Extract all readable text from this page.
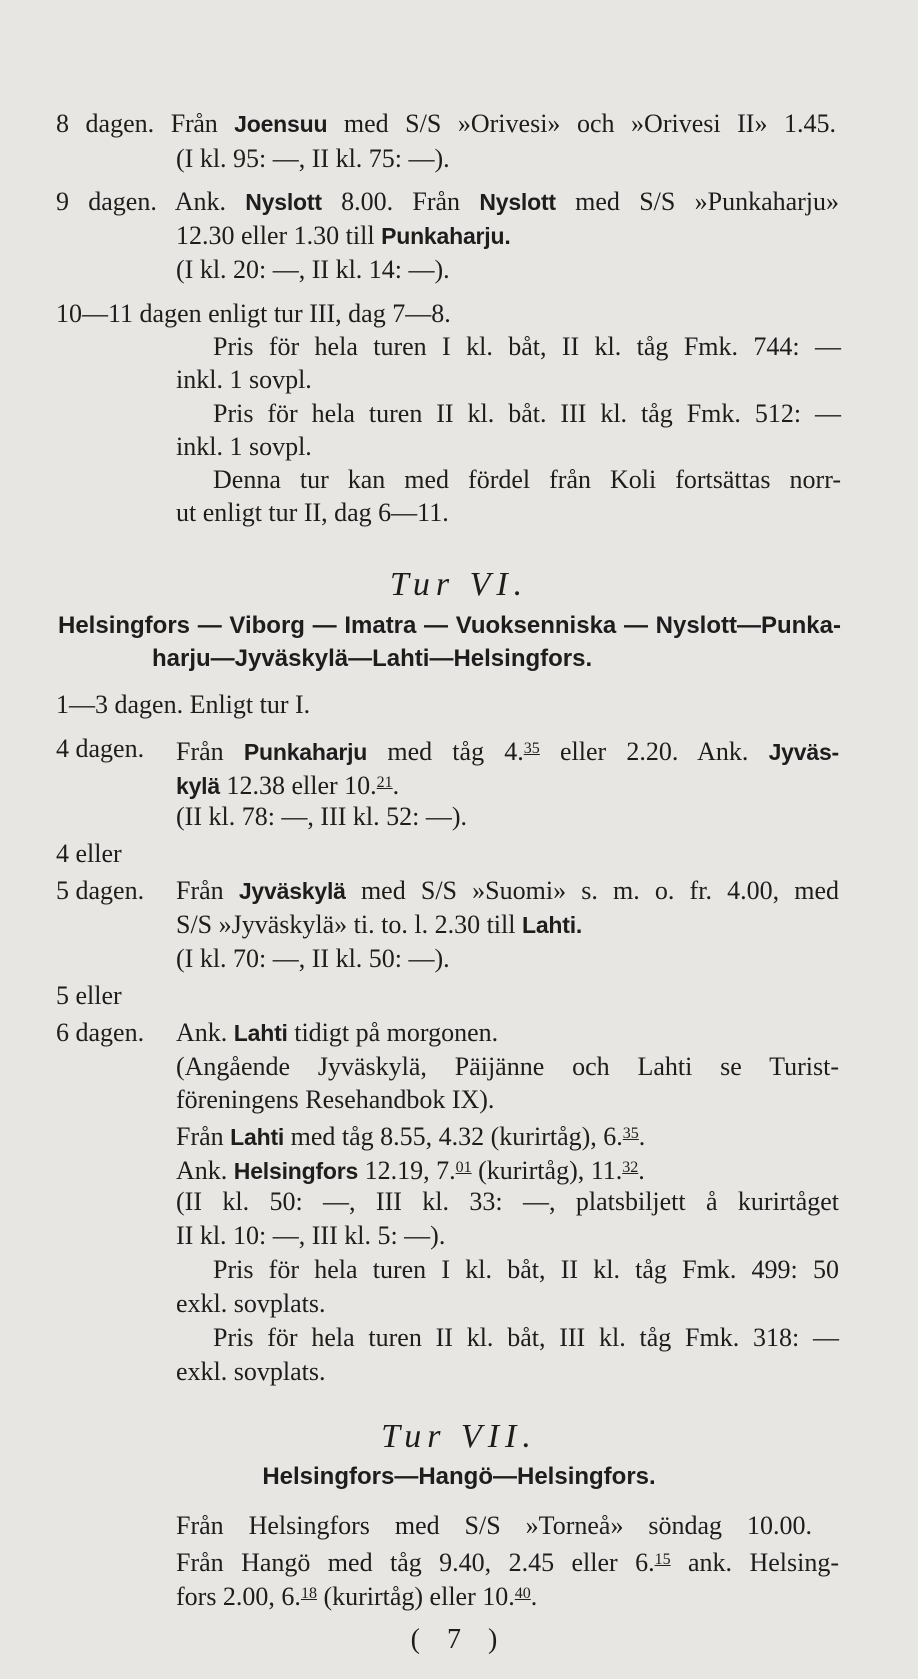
8 dagen. Från Joensuu med S/S »Orivesi» och »Orivesi II» 1.45.
(I kl. 95: —, II kl. 75: —).
9 dagen. Ank. Nyslott 8.00. Från Nyslott med S/S »Punkaharju»
12.30 eller 1.30 till Punkaharju.
(I kl. 20: —, II kl. 14: —).
10—11 dagen enligt tur III, dag 7—8.
Pris för hela turen I kl. båt, II kl. tåg Fmk. 744: —
inkl. 1 sovpl.
Pris för hela turen II kl. båt. III kl. tåg Fmk. 512: —
inkl. 1 sovpl.
Denna tur kan med fördel från Koli fortsättas norr-
ut enligt tur II, dag 6—11.
Tur VI.
Helsingfors — Viborg — Imatra — Vuoksenniska — Nyslott—Punka-
harju—Jyväskylä—Lahti—Helsingfors.
1—3 dagen. Enligt tur I.
4 dagen. Från Punkaharju med tåg 4.35 eller 2.20. Ank. Jyväs-
kylä 12.38 eller 10.21.
(II kl. 78: —, III kl. 52: —).
4 eller
5 dagen. Från Jyväskylä med S/S »Suomi» s. m. o. fr. 4.00, med
S/S »Jyväskylä» ti. to. l. 2.30 till Lahti.
(I kl. 70: —, II kl. 50: —).
5 eller
6 dagen. Ank. Lahti tidigt på morgonen.
(Angående Jyväskylä, Päijänne och Lahti se Turist-
föreningens Resehandbok IX).
Från Lahti med tåg 8.55, 4.32 (kurirtåg), 6.35.
Ank. Helsingfors 12.19, 7.01 (kurirtåg), 11.32.
(II kl. 50: —, III kl. 33: —, platsbiljett å kurirtåget
II kl. 10: —, III kl. 5: —).
Pris för hela turen I kl. båt, II kl. tåg Fmk. 499: 50
exkl. sovplats.
Pris för hela turen II kl. båt, III kl. tåg Fmk. 318: —
exkl. sovplats.
Tur VII.
Helsingfors—Hangö—Helsingfors.
Från Helsingfors med S/S »Torneå» söndag 10.00.
Från Hangö med tåg 9.40, 2.45 eller 6.15 ank. Helsing-
fors 2.00, 6.18 (kurirtåg) eller 10.40.
( 7 )
